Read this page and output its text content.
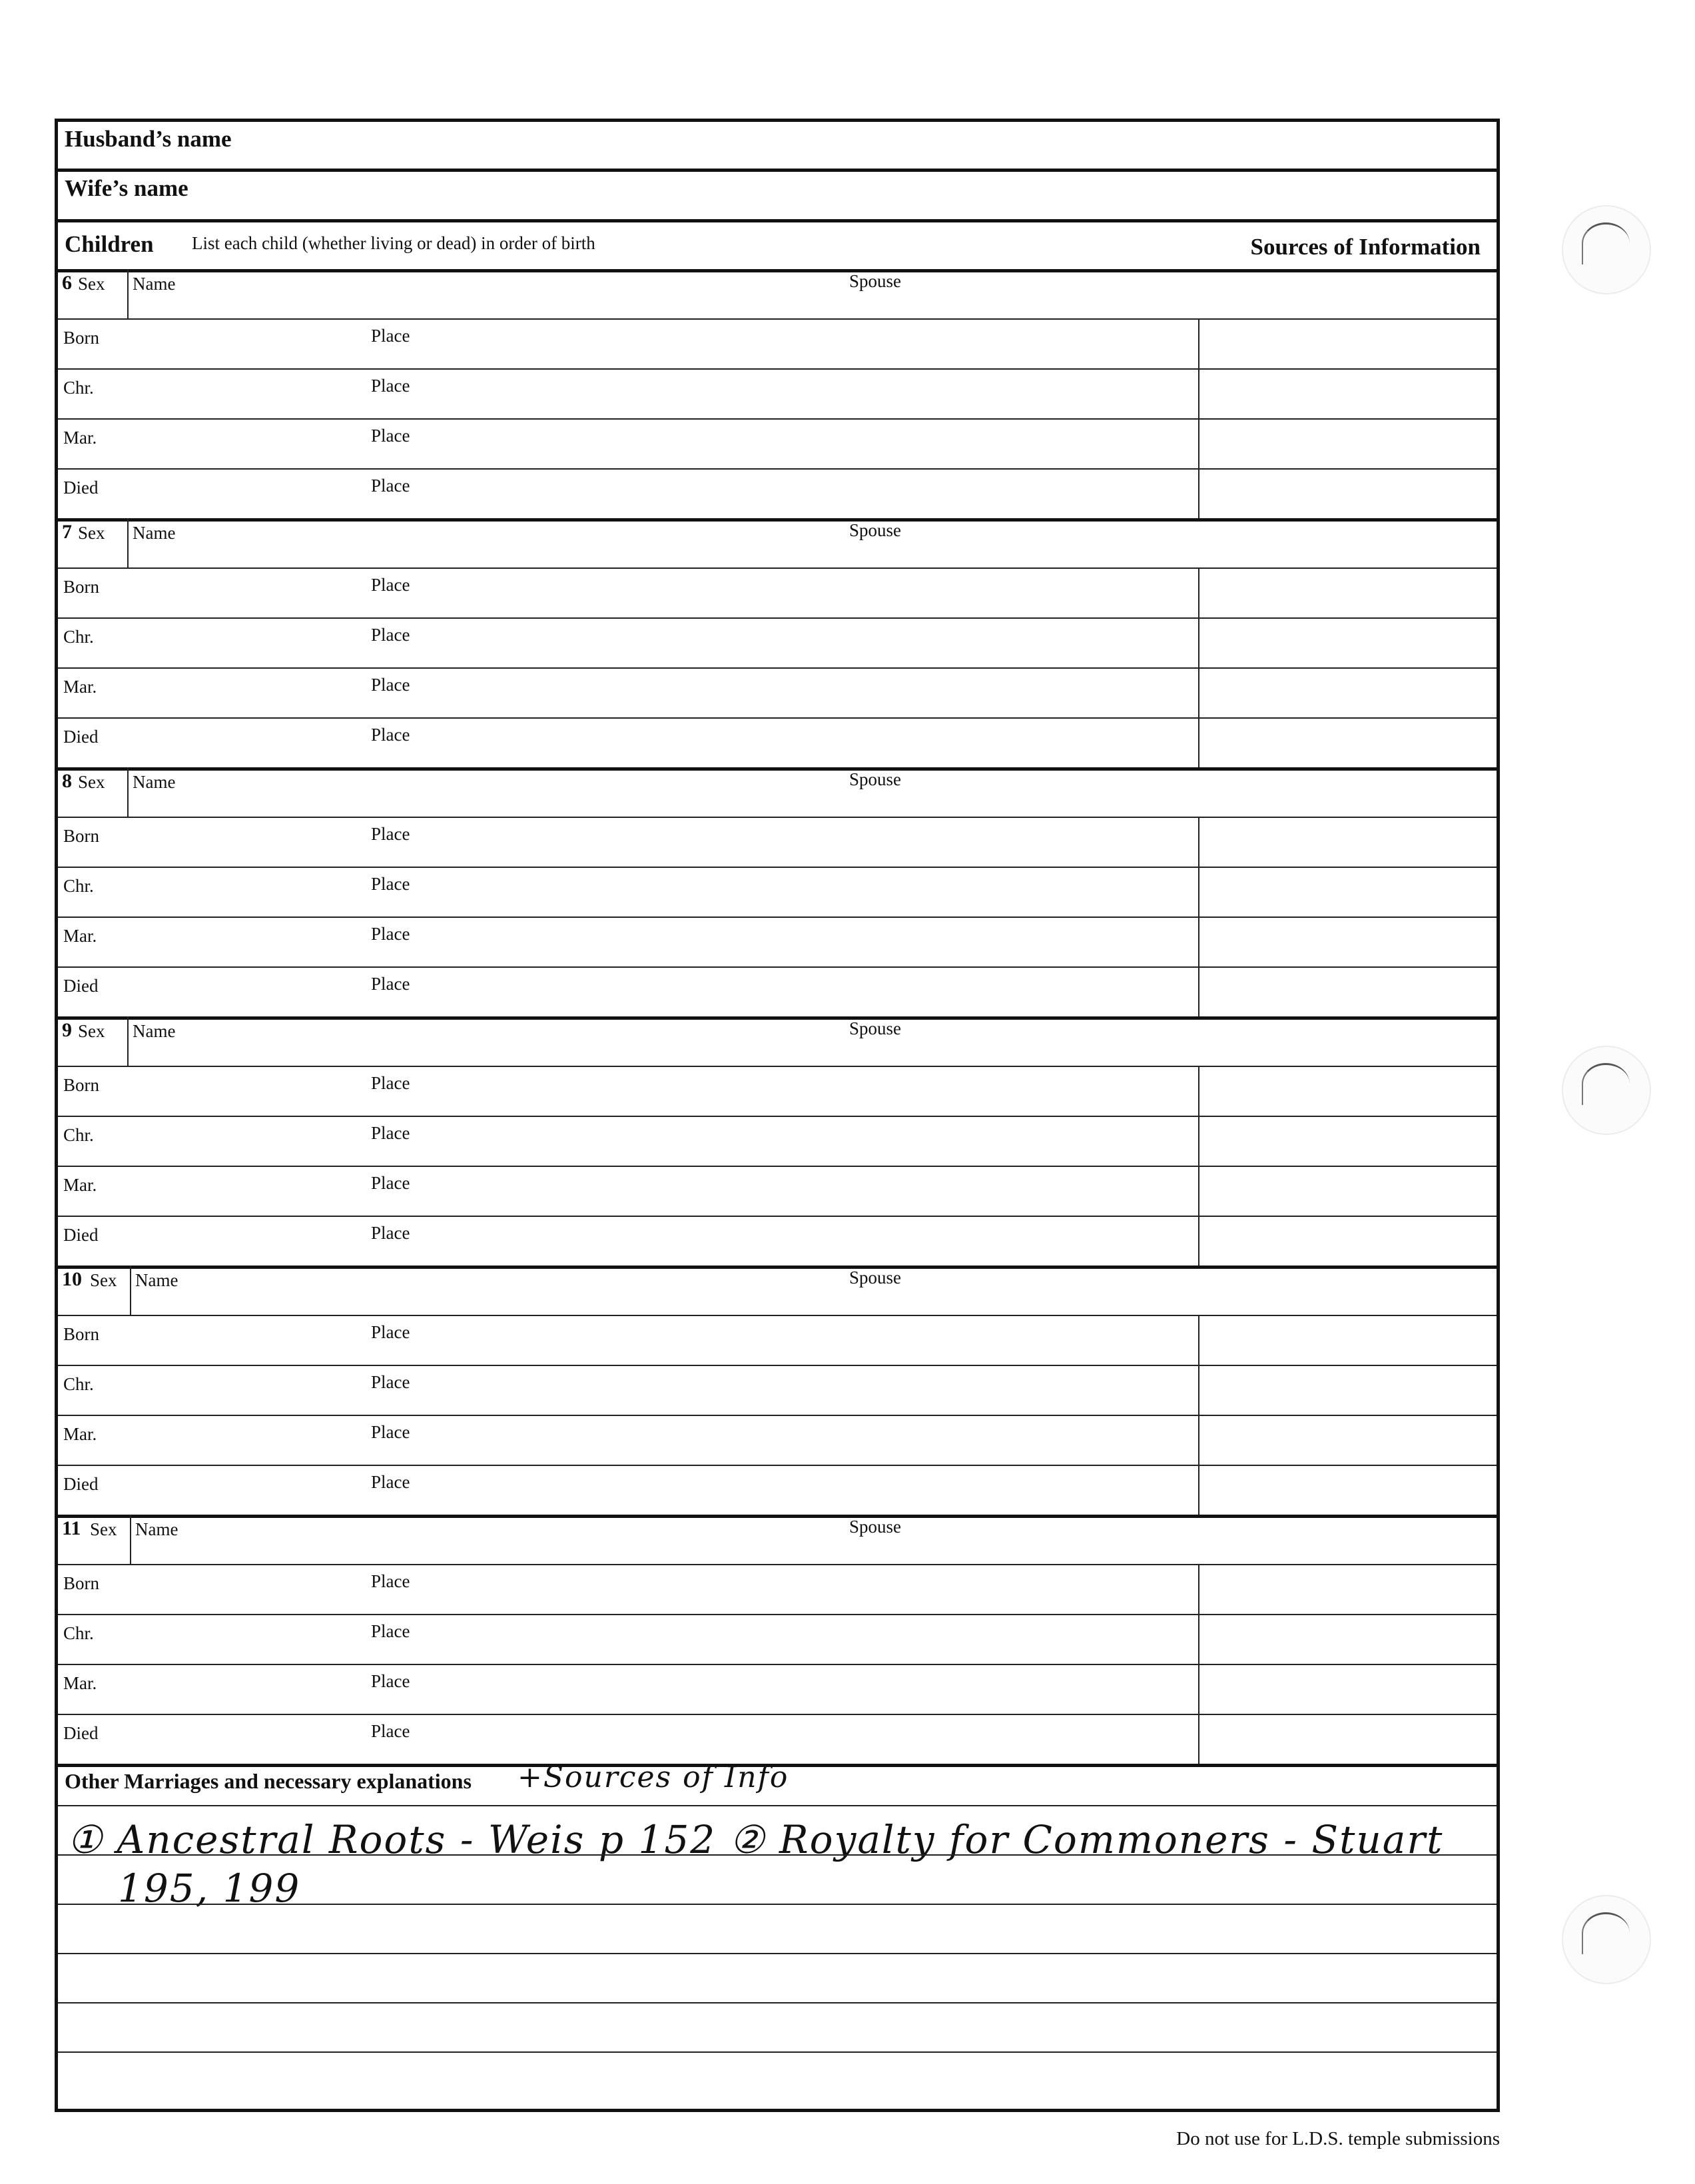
Husband’s name
Wife’s name
Children List each child (whether living or dead) in order of birth	Sources of Information
6 Sex Name	Spouse
Born	Place
Chr.	Place
Mar.	Place
Died	Place
7 Sex Name	Spouse
Born	Place
Chr.	Place
Mar.	Place
Died	Place
8 Sex Name	Spouse
Born	Place
Chr.	Place
Mar.	Place
Died	Place
9 Sex Name	Spouse
Born	Place
Chr.	Place
Mar.	Place
Died	Place
10 Sex Name	Spouse
Born	Place
Chr.	Place
Mar.	Place
Died	Place
11 Sex Name	Spouse
Born	Place
Chr.	Place
Mar.	Place
Died	Place
Other Marriages and necessary explanations +Sources of Info
① Ancestral Roots - Weis p 152 ② Royalty for Commoners - Stuart
195, 199
Do not use for L.D.S. temple submissions
